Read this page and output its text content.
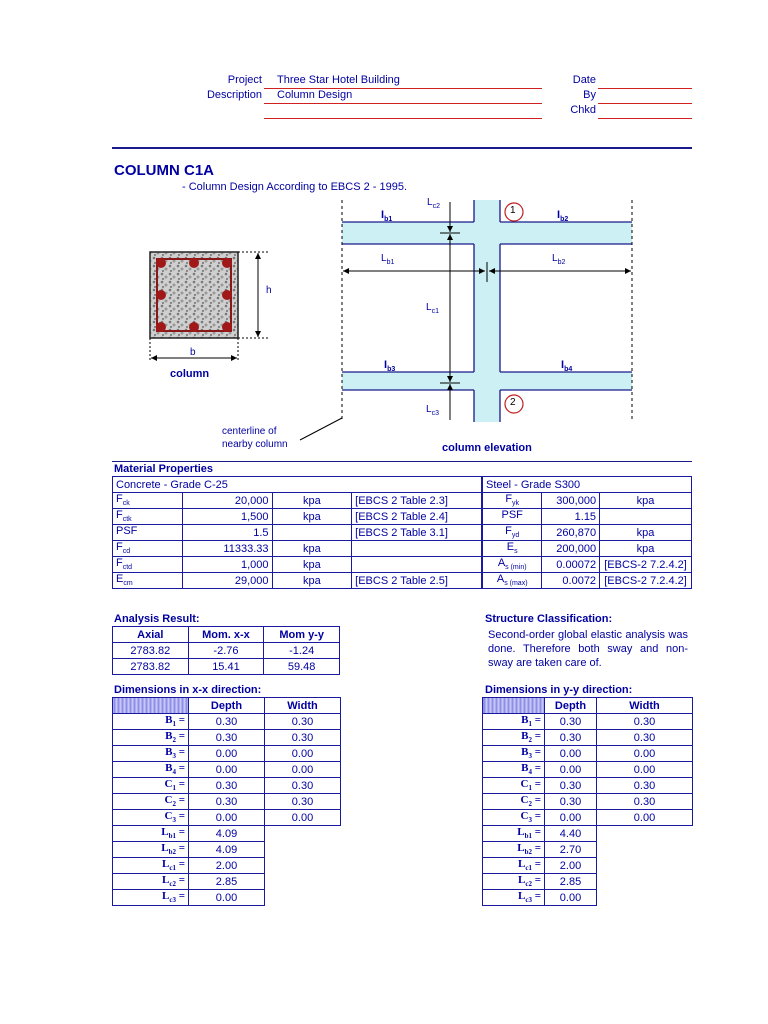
Project Three Star Hotel Building
Description Column Design
Date
By
Chkd
COLUMN C1A
- Column Design According to EBCS 2 - 1995.
b
h
column
$I_{b1}$	$I_{b2}$
$I_{b3}$	$I_{b4}$
$L_{c2}$
$L_{c1}$
$L_{c3}$
$L_{b1}$	$L_{b2}$
1
2
centerline of
nearby column	column elevation
Material Properties
Concrete - Grade C-25			
$F_{ck}$	20,000	kpa	[EBCS 2 Table 2.3]
$F_{ctk}$	1,500	kpa	[EBCS 2 Table 2.4]
PSF	1.5		[EBCS 2 Table 3.1]
$F_{cd}$	11333.33	kpa	
$F_{ctd}$	1,000	kpa	
$E_{cm}$	29,000	kpa	[EBCS 2 Table 2.5]
Steel - Grade S300		
$F_{yk}$	300,000	kpa
PSF	1.15	
$F_{yd}$	260,870	kpa
$E_s$	200,000	kpa
$A_{s (min)}$	0.00072	[EBCS-2 7.2.4.2]
$A_{s (max)}$	0.0072	[EBCS-2 7.2.4.2]
Analysis Result:
Axial	Mom. x-x	Mom y-y
2783.82	-2.76	-1.24
2783.82	15.41	59.48
Structure Classification:
Second-order global elastic analysis was done. Therefore both sway and non-sway are taken care of.
Dimensions in x-x direction:
	Depth	Width
$B_1$ =	0.30	0.30
$B_2$ =	0.30	0.30
$B_3$ =	0.00	0.00
$B_4$ =	0.00	0.00
$C_1$ =	0.30	0.30
$C_2$ =	0.30	0.30
$C_3$ =	0.00	0.00
$L_{b1}$ =	4.09	
$L_{b2}$ =	4.09	
$L_{c1}$ =	2.00	
$L_{c2}$ =	2.85	
$L_{c3}$ =	0.00	
Dimensions in y-y direction:
	Depth	Width
$B_1$ =	0.30	0.30
$B_2$ =	0.30	0.30
$B_3$ =	0.00	0.00
$B_4$ =	0.00	0.00
$C_1$ =	0.30	0.30
$C_2$ =	0.30	0.30
$C_3$ =	0.00	0.00
$L_{b1}$ =	4.40	
$L_{b2}$ =	2.70	
$L_{c1}$ =	2.00	
$L_{c2}$ =	2.85	
$L_{c3}$ =	0.00	
